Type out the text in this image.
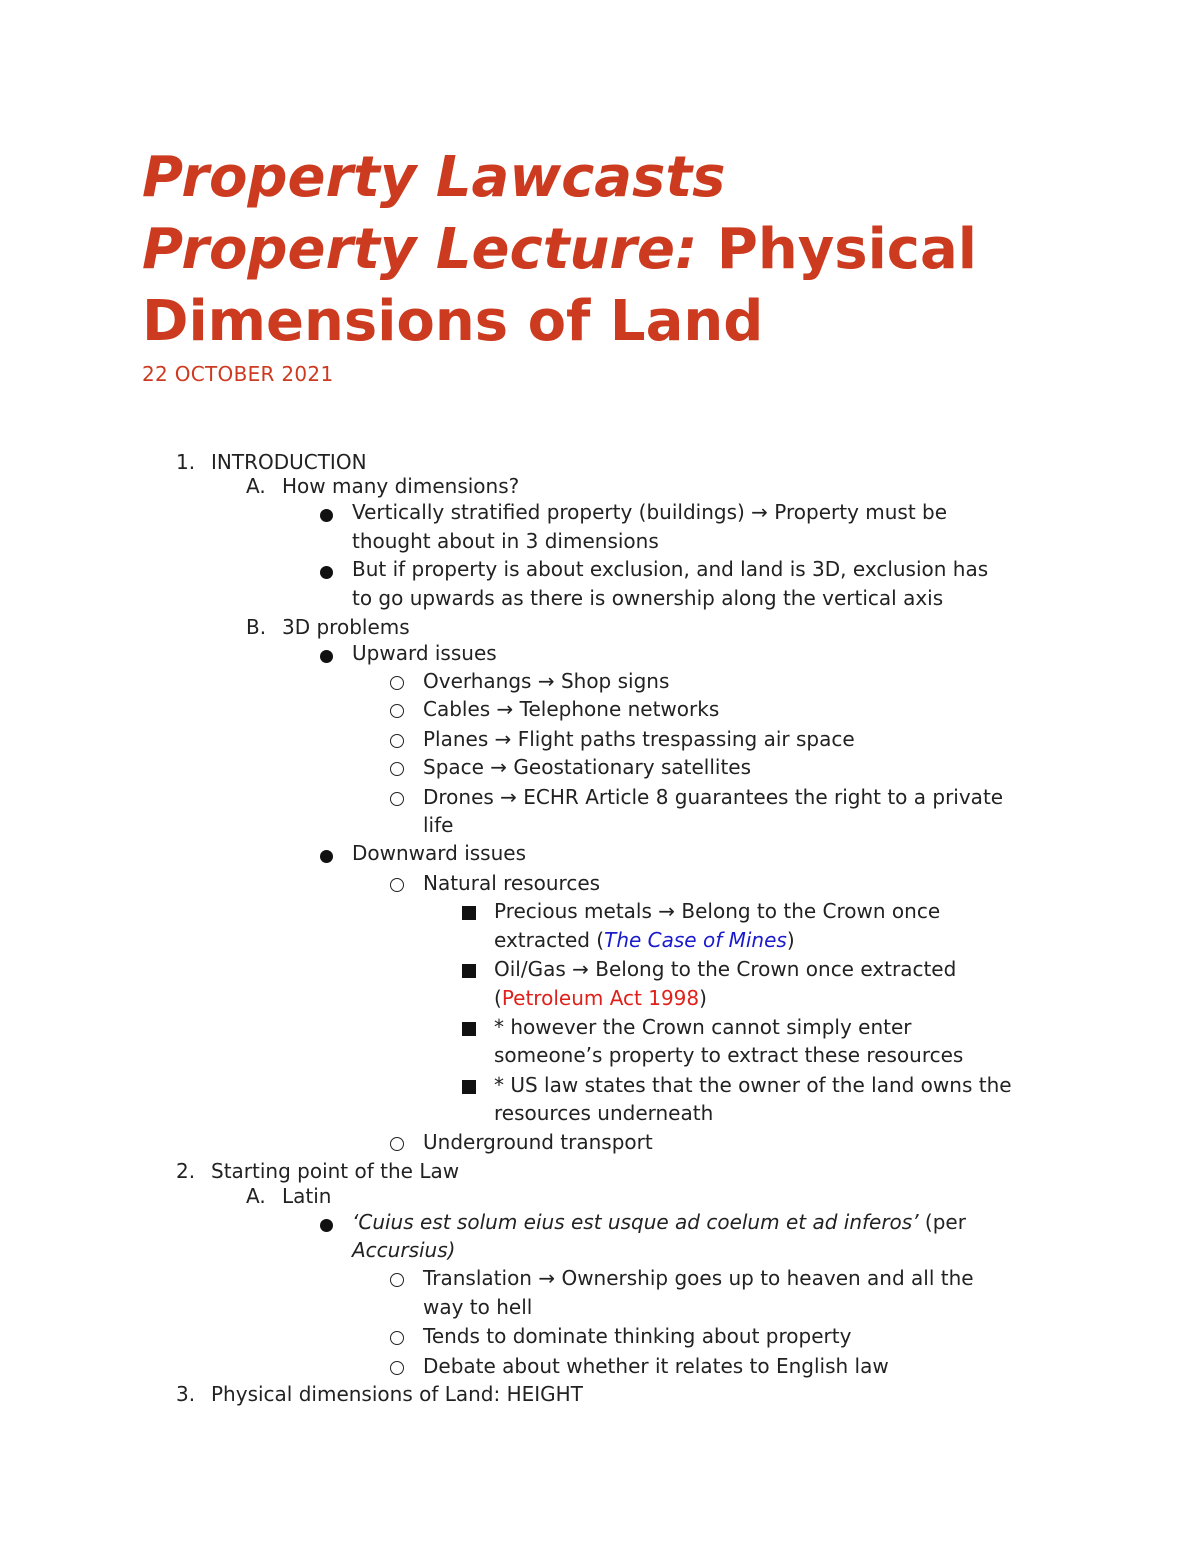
Property Lawcasts
Property Lecture: Physical
Dimensions of Land
22 OCTOBER 2021
1. INTRODUCTION
A. How many dimensions?
Vertically stratified property (buildings) → Property must be
thought about in 3 dimensions
But if property is about exclusion, and land is 3D, exclusion has
to go upwards as there is ownership along the vertical axis
B. 3D problems
Upward issues
Overhangs → Shop signs
Cables → Telephone networks
Planes → Flight paths trespassing air space
Space → Geostationary satellites
Drones → ECHR Article 8 guarantees the right to a private
life
Downward issues
Natural resources
Precious metals → Belong to the Crown once
extracted (The Case of Mines)
Oil/Gas → Belong to the Crown once extracted
(Petroleum Act 1998)
* however the Crown cannot simply enter
someone’s property to extract these resources
* US law states that the owner of the land owns the
resources underneath
Underground transport
2. Starting point of the Law
A. Latin
‘Cuius est solum eius est usque ad coelum et ad inferos’ (per
Accursius)
Translation → Ownership goes up to heaven and all the
way to hell
Tends to dominate thinking about property
Debate about whether it relates to English law
3. Physical dimensions of Land: HEIGHT
